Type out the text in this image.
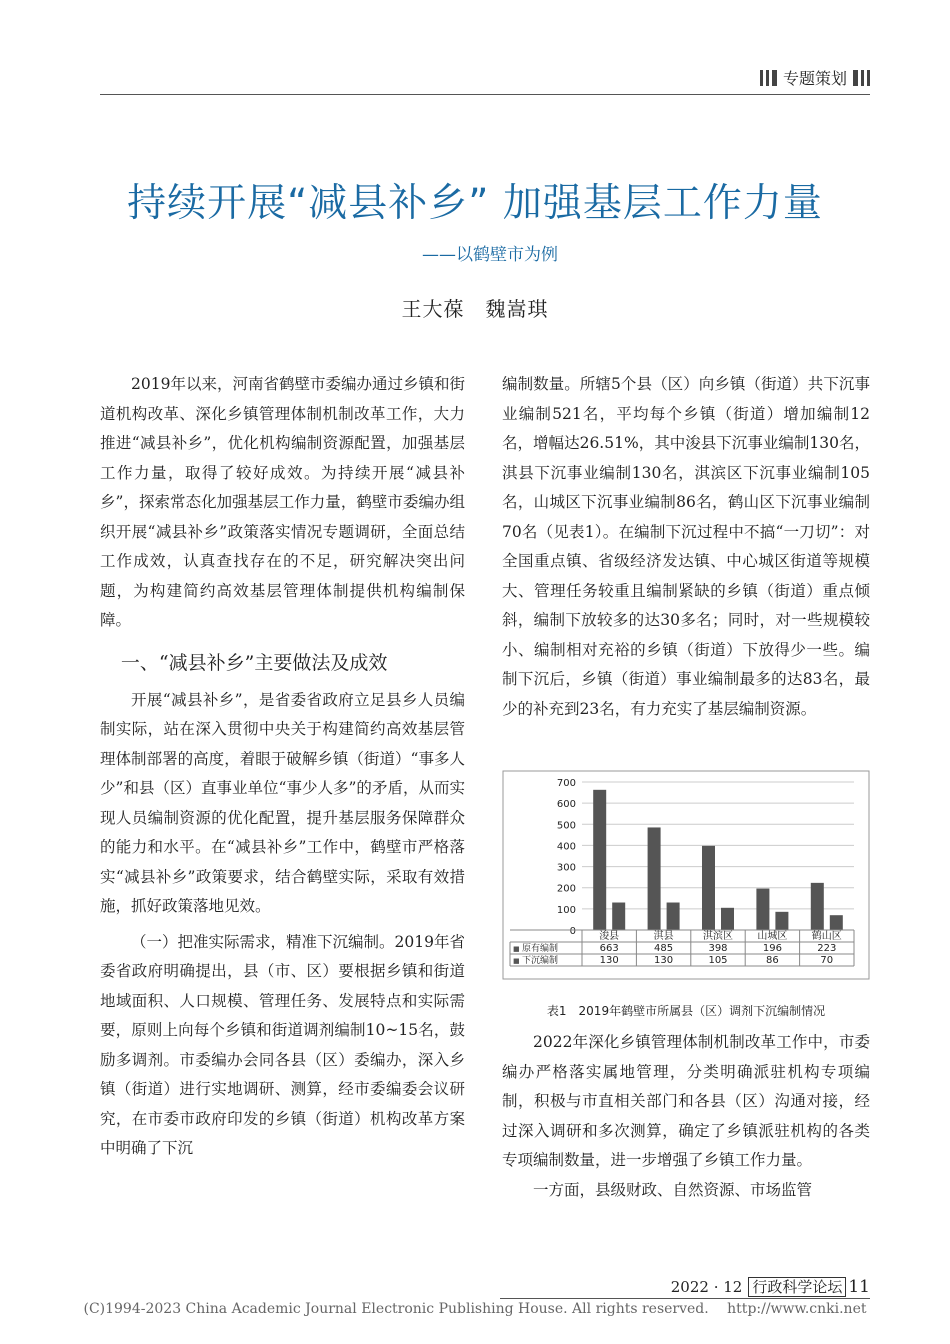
专题策划
持续开展“减县补乡” 加强基层工作力量
——以鹤壁市为例
王大葆　魏嵩琪

2019年以来，河南省鹤壁市委编办通过乡镇和街道机构改革、深化乡镇管理体制机制改革工作，大力推进“减县补乡”，优化机构编制资源配置，加强基层工作力量，取得了较好成效。为持续开展“减县补乡”，探索常态化加强基层工作力量，鹤壁市委编办组织开展“减县补乡”政策落实情况专题调研，全面总结工作成效，认真查找存在的不足，研究解决突出问题，为构建简约高效基层管理体制提供机构编制保障。

一、“减县补乡”主要做法及成效

开展“减县补乡”，是省委省政府立足县乡人员编制实际，站在深入贯彻中央关于构建简约高效基层管理体制部署的高度，着眼于破解乡镇（街道）“事多人少”和县（区）直事业单位“事少人多”的矛盾，从而实现人员编制资源的优化配置，提升基层服务保障群众的能力和水平。在“减县补乡”工作中，鹤壁市严格落实“减县补乡”政策要求，结合鹤壁实际，采取有效措施，抓好政策落地见效。

（一）把准实际需求，精准下沉编制。2019年省委省政府明确提出，县（市、区）要根据乡镇和街道地域面积、人口规模、管理任务、发展特点和实际需要，原则上向每个乡镇和街道调剂编制10~15名，鼓励多调剂。市委编办会同各县（区）委编办，深入乡镇（街道）进行实地调研、测算，经市委编委会议研究，在市委市政府印发的乡镇（街道）机构改革方案中明确了下沉

编制数量。所辖5个县（区）向乡镇（街道）共下沉事业编制521名，平均每个乡镇（街道）增加编制12名，增幅达26.51%，其中浚县下沉事业编制130名，淇县下沉事业编制130名，淇滨区下沉事业编制105名，山城区下沉事业编制86名，鹤山区下沉事业编制70名（见表1）。在编制下沉过程中不搞“一刀切”：对全国重点镇、省级经济发达镇、中心城区街道等规模大、管理任务较重且编制紧缺的乡镇（街道）重点倾斜，编制下放较多的达30多名；同时，对一些规模较小、编制相对充裕的乡镇（街道）下放得少一些。编制下沉后，乡镇（街道）事业编制最多的达83名，最少的补充到23名，有力充实了基层编制资源。

0
100
200
300
400
500
600
700
浚县	淇县	淇滨区 山城区 鹤山区
■ 原有编制	663	485	398	196	223
■ 下沉编制	130	130	105	86	70
表1　2019年鹤壁市所属县（区）调剂下沉编制情况

2022年深化乡镇管理体制机制改革工作中，市委编办严格落实属地管理，分类明确派驻机构专项编制，积极与市直相关部门和各县（区）沟通对接，经过深入调研和多次测算，确定了乡镇派驻机构的各类专项编制数量，进一步增强了乡镇工作力量。

一方面，县级财政、自然资源、市场监管

2022 · 12 行政科学论坛 11
(C)1994-2023 China Academic Journal Electronic Publishing House. All rights reserved.　 http://www.cnki.net
